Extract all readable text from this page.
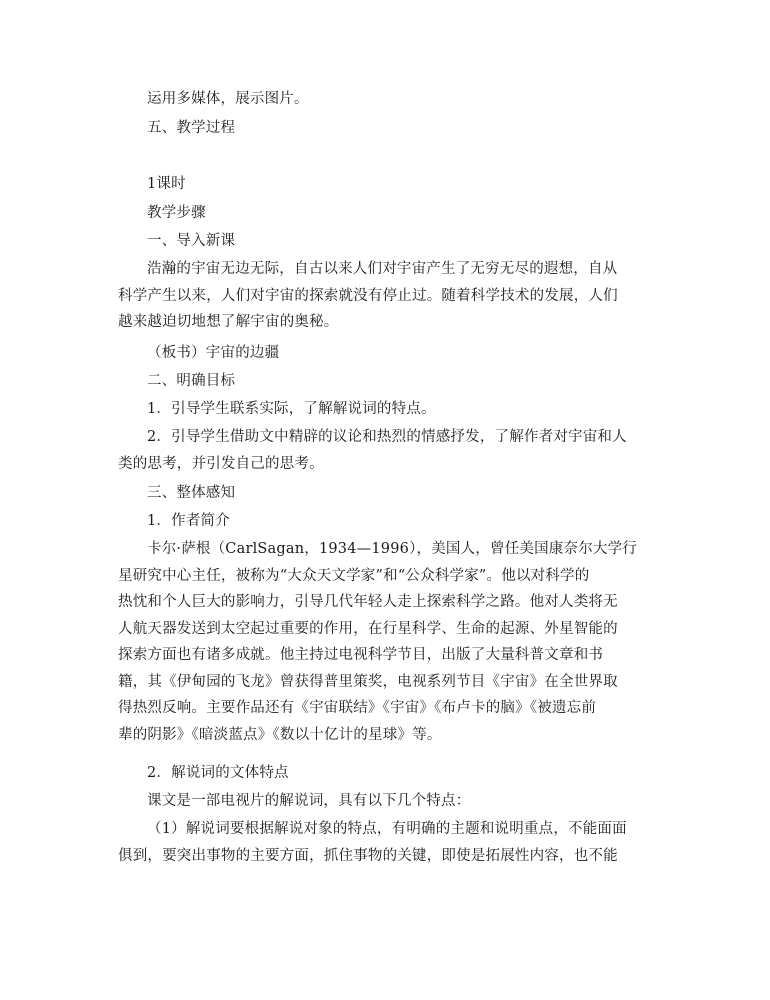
运用多媒体，展示图片。

五、教学过程

1课时

教学步骤

一、导入新课

浩瀚的宇宙无边无际，自古以来人们对宇宙产生了无穷无尽的遐想，自从
科学产生以来，人们对宇宙的探索就没有停止过。随着科学技术的发展，人们
越来越迫切地想了解宇宙的奥秘。

（板书）宇宙的边疆

二、明确目标

1．引导学生联系实际，了解解说词的特点。

2．引导学生借助文中精辟的议论和热烈的情感抒发，了解作者对宇宙和人
类的思考，并引发自己的思考。

三、整体感知

1．作者简介

卡尔·萨根（CarlSagan，1934—1996），美国人，曾任美国康奈尔大学行
星研究中心主任，被称为“大众天文学家”和“公众科学家”。他以对科学的
热忱和个人巨大的影响力，引导几代年轻人走上探索科学之路。他对人类将无
人航天器发送到太空起过重要的作用，在行星科学、生命的起源、外星智能的
探索方面也有诸多成就。他主持过电视科学节目，出版了大量科普文章和书
籍，其《伊甸园的飞龙》曾获得普里策奖，电视系列节目《宇宙》在全世界取
得热烈反响。主要作品还有《宇宙联结》《宇宙》《布卢卡的脑》《被遗忘前
辈的阴影》《暗淡蓝点》《数以十亿计的星球》等。

2．解说词的文体特点

课文是一部电视片的解说词，具有以下几个特点：

（1）解说词要根据解说对象的特点，有明确的主题和说明重点，不能面面
俱到，要突出事物的主要方面，抓住事物的关键，即使是拓展性内容，也不能
